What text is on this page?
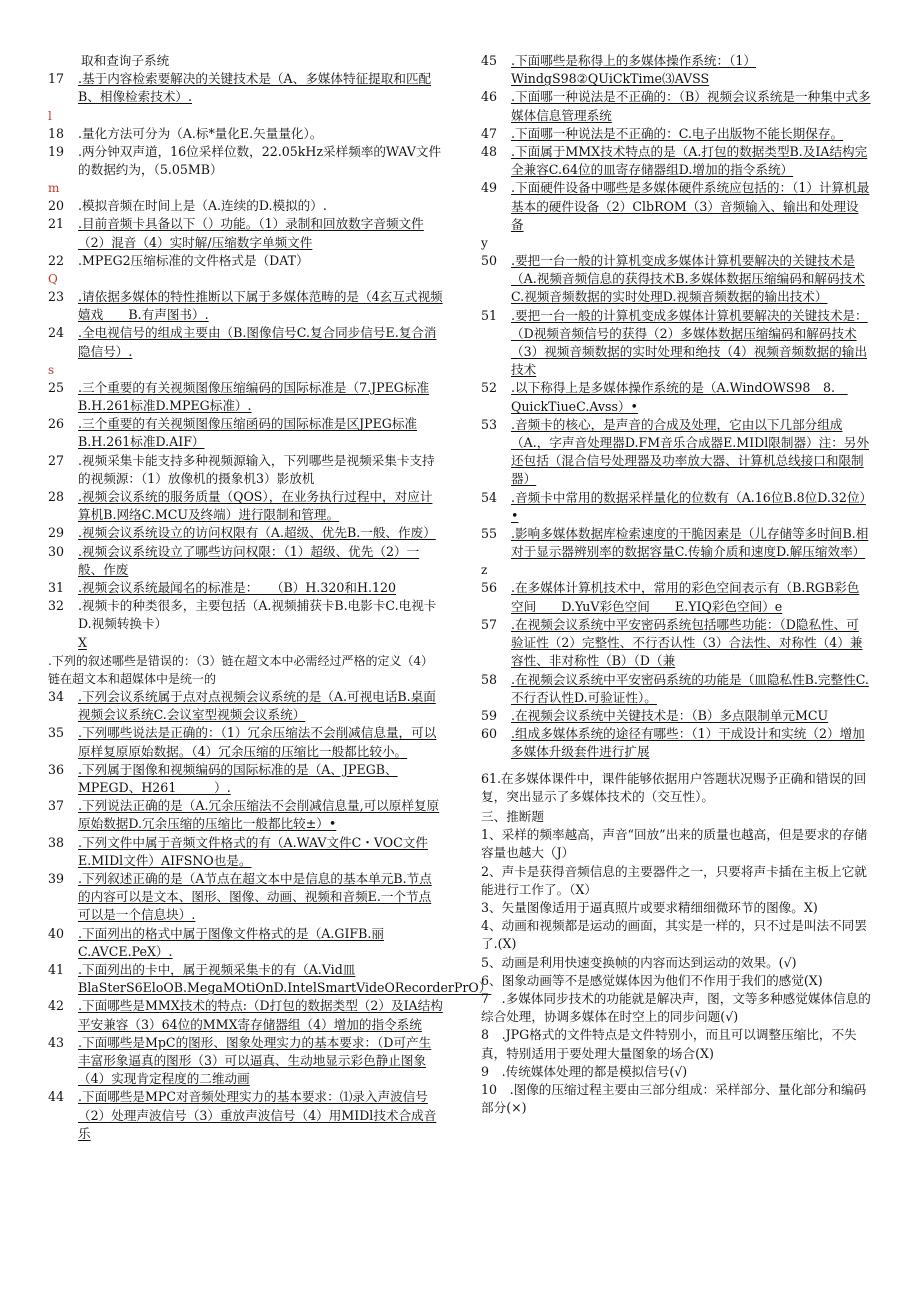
取和查询子系统
17	.基于内容检索要解决的关键技术是（A、多媒体特征提取和匹配B、相像检索技术）.
l
18	.量化方法可分为（A.标*量化E.矢量量化）。
19	.两分钟双声道，16位采样位数，22.05kHz采样频率的WAV文件的数据约为，（5.05MB）
m
20	.模拟音频在时间上是（A.连续的D.模拟的）.
21	.目前音频卡具备以下（）功能。（1）录制和回放数字音频文件（2）混音（4）实时解/压缩数字单频文件
22	.MPEG2压缩标准的文件格式是（DAT）
Q
23	.请依据多媒体的特性推断以下属于多媒体范畴的是（4玄互式视频嬉戏　　B.有声图书）.
24	.全电视信号的组成主要由（B.图像信号C.复合同步信号E.复合消隐信号）.
s
25	.三个重要的有关视频图像压缩编码的国际标准是（7.JPEG标准B.H.261标准D.MPEG标准）.
26	.三个重要的有关视频图像压缩函码的国际标准是区JPEG标准B.H.261标准D.AIF）
27	.视频采集卡能支持多种视频源输入，下列哪些是视频采集卡支持的视频源：（1）放像机的摄象机3）影放机
28	.视频会议系统的服务质量（QOS），在业务执行过程中，对应计算机B.网络C.MCU及终端）进行限制和管理。
29	.视频会议系统设立的访问权限有（A.超级、优先B.一般、作废）
30	.视频会议系统设立了哪些访问权限：（1）超级、优先（2）一般、作废
31	.视频会议系统最闻名的标准是：　　（B）H.320和H.120
32	.视频卡的种类很多，主要包括（A.视频捕获卡B.电影卡C.电视卡D.视频转换卡）
X
.下列的叙述哪些是错误的：（3）链在超文本中必需经过严格的定义（4）链在超文本和超媒体中是统一的
34	.下列会议系统属于点对点视频会议系统的是（A.可视电话B.桌面视频会议系统C.会议室型视频会议系统）
35	.下列哪些说法是正确的：（1）冗余压缩法不会削减信息量，可以原样复原原始数据。（4）冗余压缩的压缩比一般都比较小。
36	.下列属于图像和视频编码的国际标准的是（A、JPEGB、MPEGD、H261　　　）.
37	.下列说法正确的是（A.冗余压缩法不会削减信息量,可以原样复原原始数据D.冗余压缩的压缩比一般都比较±）•
38	.下列文件中属于音频文件格式的有（A.WAV文件C・VOC文件E.MIDl文件）AIFSNO也是。
39	.下列叙述正确的是（A节点在超文本中是信息的基本单元B.节点的内容可以是文本、图形、图像、动画、视频和音频E.一个节点可以是一个信息块）.
40	.下面列出的格式中属于图像文件格式的是（A.GIFB.丽C.AVCE.PeX）.
41	.下面列出的卡中，属于视频采集卡的有（A.Vid皿BlaSterS6EloOB.MegaMOtiOnD.IntelSmartVideORecorderPrO）
42	.下面哪些是MMX技术的特点:（D打包的数据类型（2）及IA结构平安兼容（3）64位的MMX寄存储器组（4）增加的指令系统
43	.下面哪些是MpC的图形、图象处理实力的基本要求：（D可产生丰富形象逼真的图形（3）可以逼真、生动地显示彩色静止图象（4）实现肯定程度的二维动画
44	.下面哪些是MPC对音频处理实力的基本要求：⑴录入声波信号（2）处理声波信号（3）重放声波信号（4）用MIDl技术合成音乐
45	.下面哪些是称得上的多媒体操作系统：（1）WindgS98②QUiCkTime⑶AVSS
46	.下面哪一种说法是不正确的：（B）视频会议系统是一种集中式多媒体信息管理系统
47	.下面哪一种说法是不正确的：C.电子出版物不能长期保存。
48	.下面属于MMX技术特点的是（A.打包的数据类型B.及IA结构完全兼容C.64位的皿寄存储器组D.增加的指令系统）
49	.下面硬件设备中哪些是多媒体硬件系统应包括的：（1）计算机最基本的硬件设备（2）ClbROM（3）音频输入、输出和处理设备
y
50	.要把一台一般的计算机变成多媒体计算机要解决的关键技术是（A.视频音频信息的获得技术B.多媒体数据压缩编码和解码技术C.视频音频数据的实时处理D.视频音频数据的输出技术）
51	.要把一台一般的计算机变成多媒体计算机要解决的关键技术是：（D视频音频信号的获得（2）多媒体数据压缩编码和解码技术（3）视频音频数据的实时处理和绝技（4）视频音频数据的输出技术
52	.以下称得上是多媒体操作系统的是（A.WindOWS98　8.　QuickTiueC.Avss）•
53	.音频卡的核心，是声音的合成及处理，它由以下几部分组成（A.，字声音处理器D.FM音乐合成器E.MIDl限制器）注：另外还包括（混合信号处理器及功率放大器、计算机总线接口和限制器）
54	.音频卡中常用的数据采样量化的位数有（A.16位B.8位D.32位）•
55	.影响多媒体数据库检索速度的干脆因素是（儿存储等多时间B.相对于显示器辨别率的数据容量C.传输介质和速度D.解压缩效率）
z
56	.在多媒体计算机技术中，常用的彩色空间表示有（B.RGB彩色空间　　D.YuV彩色空间　　E.YIQ彩色空间）e
57	.在视频会议系统中平安密码系统包括哪些功能：（D隐私性、可验证性（2）完整性、不行否认性（3）合法性、对称性（4）兼容性、非对称性（B）（D（兼
58	.在视频会议系统中平安密码系统的功能是（皿隐私性B.完整性C.不行否认性D.可验证性）。
59	.在视频会议系统中关键技术是：（B）多点限制单元MCU
60	.组成多媒体系统的途径有哪些：（1）干成设计和实统（2）增加多媒体升级套件进行扩展
61.在多媒体课件中，课件能够依据用户答题状况赐予正确和错误的回复，突出显示了多媒体技术的（交互性）。
三、推断题
1、采样的频率越高，声音“回放”出来的质量也越高，但是要求的存储容量也越大（J）
2、声卡是获得音频信息的主要器件之一，只要将声卡插在主板上它就能进行工作了。（X）
3、矢量图像适用于逼真照片或要求精细细微环节的图像。X)
4、动画和视频都是运动的画面，其实是一样的，只不过是叫法不同罢了.(X)
5、动画是利用快速变换帧的内容而达到运动的效果。(√)
6、图象动画等不是感觉媒体因为他们不作用于我们的感觉(X)
7　.多媒体同步技术的功能就是解决声，图，文等多种感觉媒体信息的综合处理，协调多媒体在时空上的同步问题(√)
8　.JPG格式的文件特点是文件特别小，而且可以调整压缩比，不失真，特别适用于要处理大量图象的场合(X)
9　.传统媒体处理的都是模拟信号(√)
10　.图像的压缩过程主要由三部分组成：采样部分、量化部分和编码部分(×)
